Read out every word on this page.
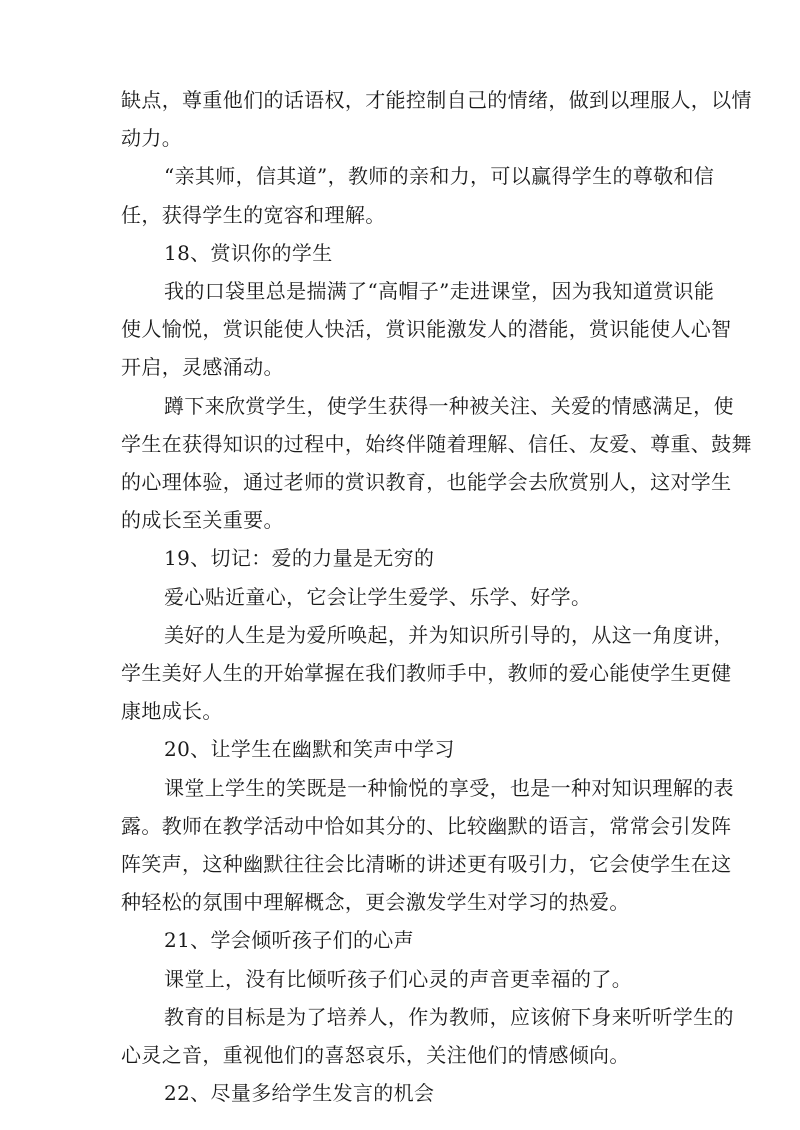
缺点，尊重他们的话语权，才能控制自己的情绪，做到以理服人，以情
动力。
“亲其师，信其道”，教师的亲和力，可以赢得学生的尊敬和信
任，获得学生的宽容和理解。
18、赏识你的学生
我的口袋里总是揣满了“高帽子”走进课堂，因为我知道赏识能
使人愉悦，赏识能使人快活，赏识能激发人的潜能，赏识能使人心智
开启，灵感涌动。
蹲下来欣赏学生，使学生获得一种被关注、关爱的情感满足，使
学生在获得知识的过程中，始终伴随着理解、信任、友爱、尊重、鼓舞
的心理体验，通过老师的赏识教育，也能学会去欣赏别人，这对学生
的成长至关重要。
19、切记：爱的力量是无穷的
爱心贴近童心，它会让学生爱学、乐学、好学。
美好的人生是为爱所唤起，并为知识所引导的，从这一角度讲，
学生美好人生的开始掌握在我们教师手中，教师的爱心能使学生更健
康地成长。
20、让学生在幽默和笑声中学习
课堂上学生的笑既是一种愉悦的享受，也是一种对知识理解的表
露。教师在教学活动中恰如其分的、比较幽默的语言，常常会引发阵
阵笑声，这种幽默往往会比清晰的讲述更有吸引力，它会使学生在这
种轻松的氛围中理解概念，更会激发学生对学习的热爱。
21、学会倾听孩子们的心声
课堂上，没有比倾听孩子们心灵的声音更幸福的了。
教育的目标是为了培养人，作为教师，应该俯下身来听听学生的
心灵之音，重视他们的喜怒哀乐，关注他们的情感倾向。
22、尽量多给学生发言的机会
